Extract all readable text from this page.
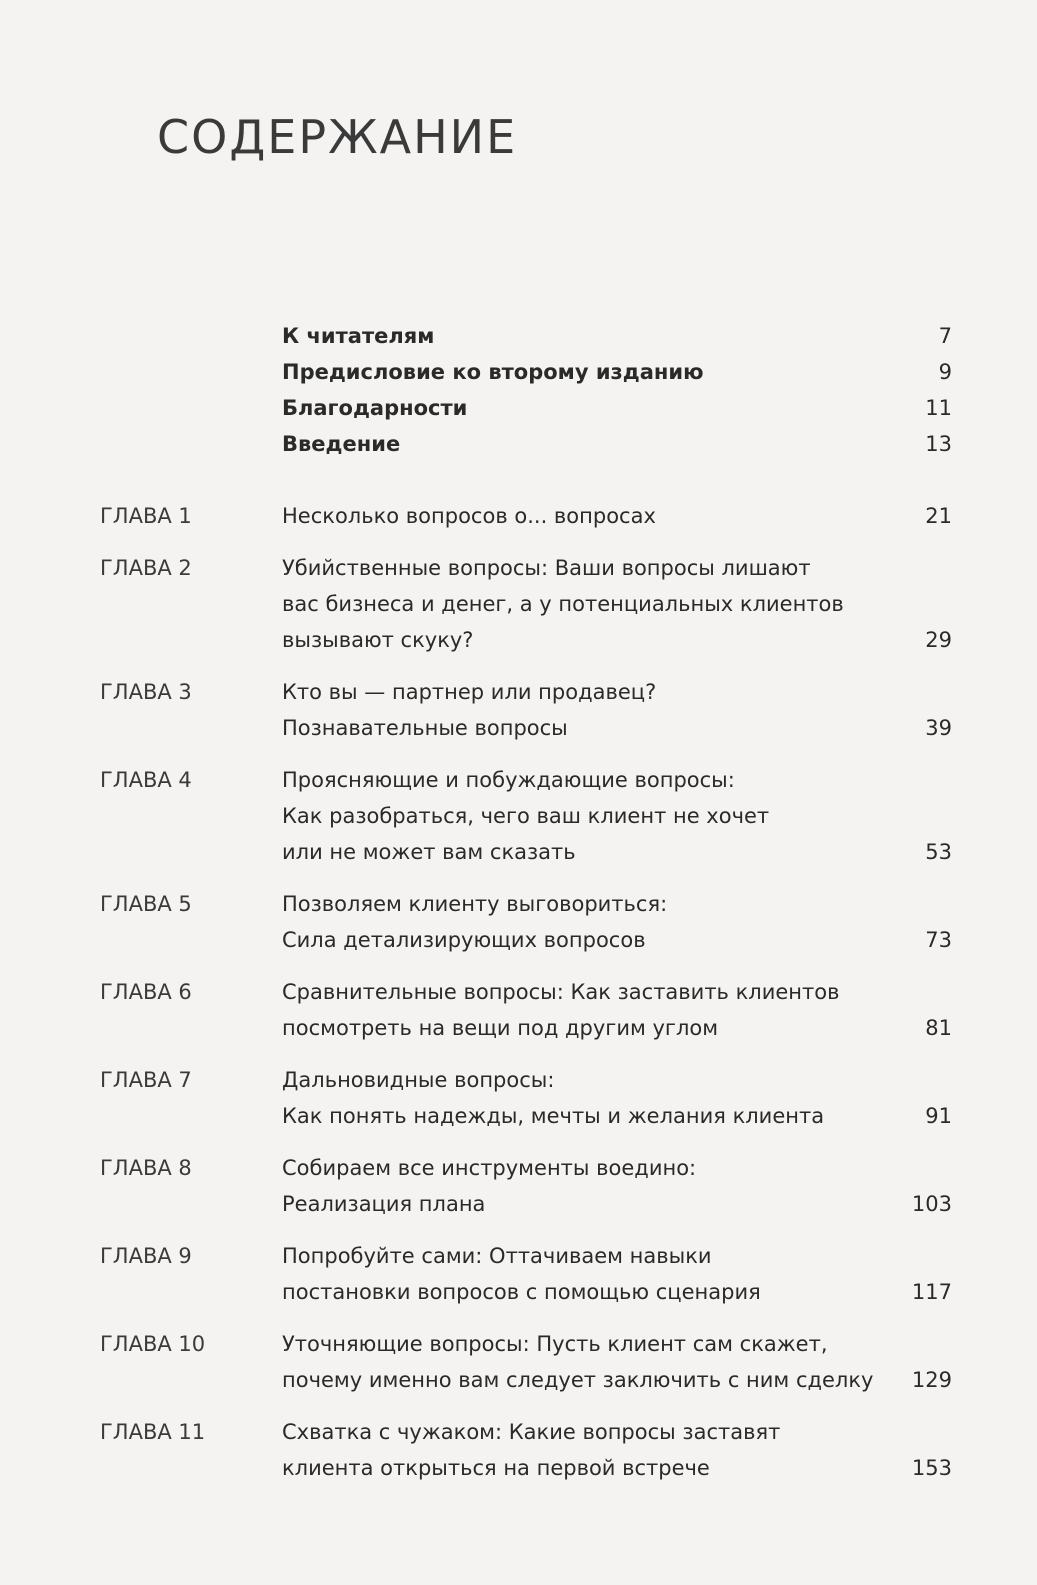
СОДЕРЖАНИЕ
К читателям	7
Предисловие ко второму изданию	9
Благодарности	11
Введение	13
ГЛАВА 1	Несколько вопросов о... вопросах	21
ГЛАВА 2	Убийственные вопросы: Ваши вопросы лишают
вас бизнеса и денег, а у потенциальных клиентов
вызывают скуку?	29
ГЛАВА 3	Кто вы — партнер или продавец?
Познавательные вопросы	39
ГЛАВА 4	Проясняющие и побуждающие вопросы:
Как разобраться, чего ваш клиент не хочет
или не может вам сказать	53
ГЛАВА 5	Позволяем клиенту выговориться:
Сила детализирующих вопросов	73
ГЛАВА 6	Сравнительные вопросы: Как заставить клиентов
посмотреть на вещи под другим углом	81
ГЛАВА 7	Дальновидные вопросы:
Как понять надежды, мечты и желания клиента	91
ГЛАВА 8	Собираем все инструменты воедино:
Реализация плана	103
ГЛАВА 9	Попробуйте сами: Оттачиваем навыки
постановки вопросов с помощью сценария	117
ГЛАВА 10	Уточняющие вопросы: Пусть клиент сам скажет,
почему именно вам следует заключить с ним сделку	129
ГЛАВА 11	Схватка с чужаком: Какие вопросы заставят
клиента открыться на первой встрече	153
